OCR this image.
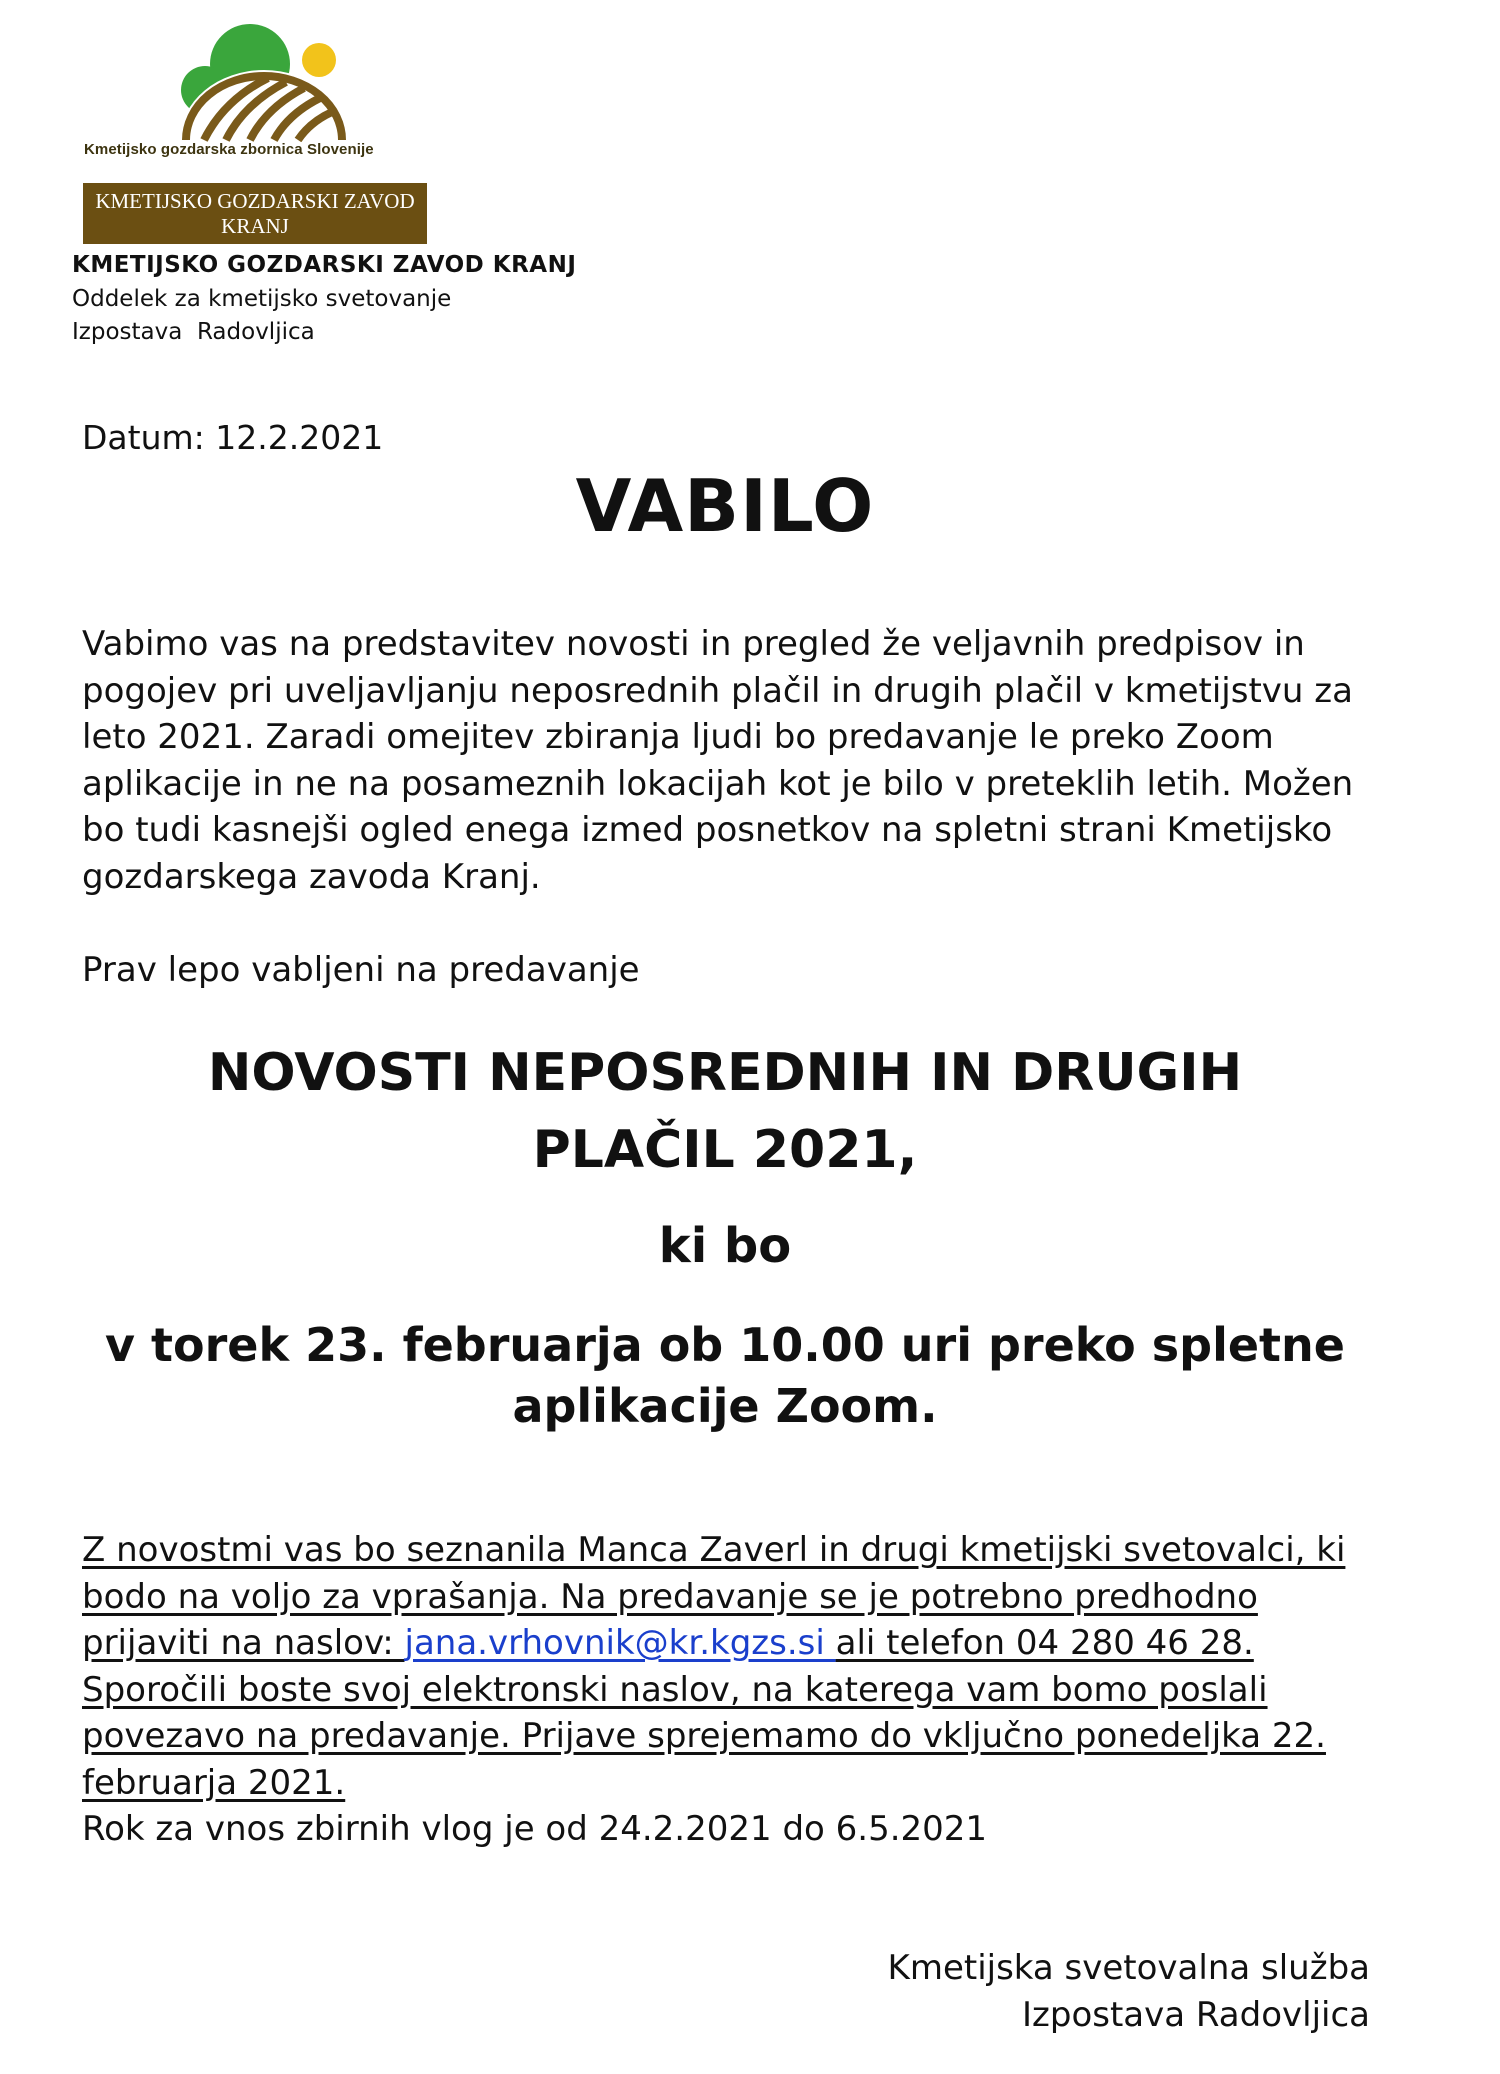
Kmetijsko gozdarska zbornica Slovenije
KMETIJSKO GOZDARSKI ZAVOD
KRANJ
KMETIJSKO GOZDARSKI ZAVOD KRANJ
Oddelek za kmetijsko svetovanje
Izpostava  Radovljica
Datum: 12.2.2021
VABILO

Vabimo vas na predstavitev novosti in pregled že veljavnih predpisov in pogojev pri uveljavljanju neposrednih plačil in drugih plačil v kmetijstvu za leto 2021. Zaradi omejitev zbiranja ljudi bo predavanje le preko Zoom aplikacije in ne na posameznih lokacijah kot je bilo v preteklih letih. Možen bo tudi kasnejši ogled enega izmed posnetkov na spletni strani Kmetijsko gozdarskega zavoda Kranj.

Prav lepo vabljeni na predavanje

NOVOSTI NEPOSREDNIH IN DRUGIH
PLAČIL 2021,

ki bo

v torek 23. februarja ob 10.00 uri preko spletne
aplikacije Zoom.

Z novostmi vas bo seznanila Manca Zaverl in drugi kmetijski svetovalci, ki bodo na voljo za vprašanja. Na predavanje se je potrebno predhodno prijaviti na naslov: jana.vrhovnik@kr.kgzs.si ali telefon 04 280 46 28. Sporočili boste svoj elektronski naslov, na katerega vam bomo poslali povezavo na predavanje. Prijave sprejemamo do vključno ponedeljka 22. februarja 2021.
Rok za vnos zbirnih vlog je od 24.2.2021 do 6.5.2021

Kmetijska svetovalna služba
Izpostava Radovljica
